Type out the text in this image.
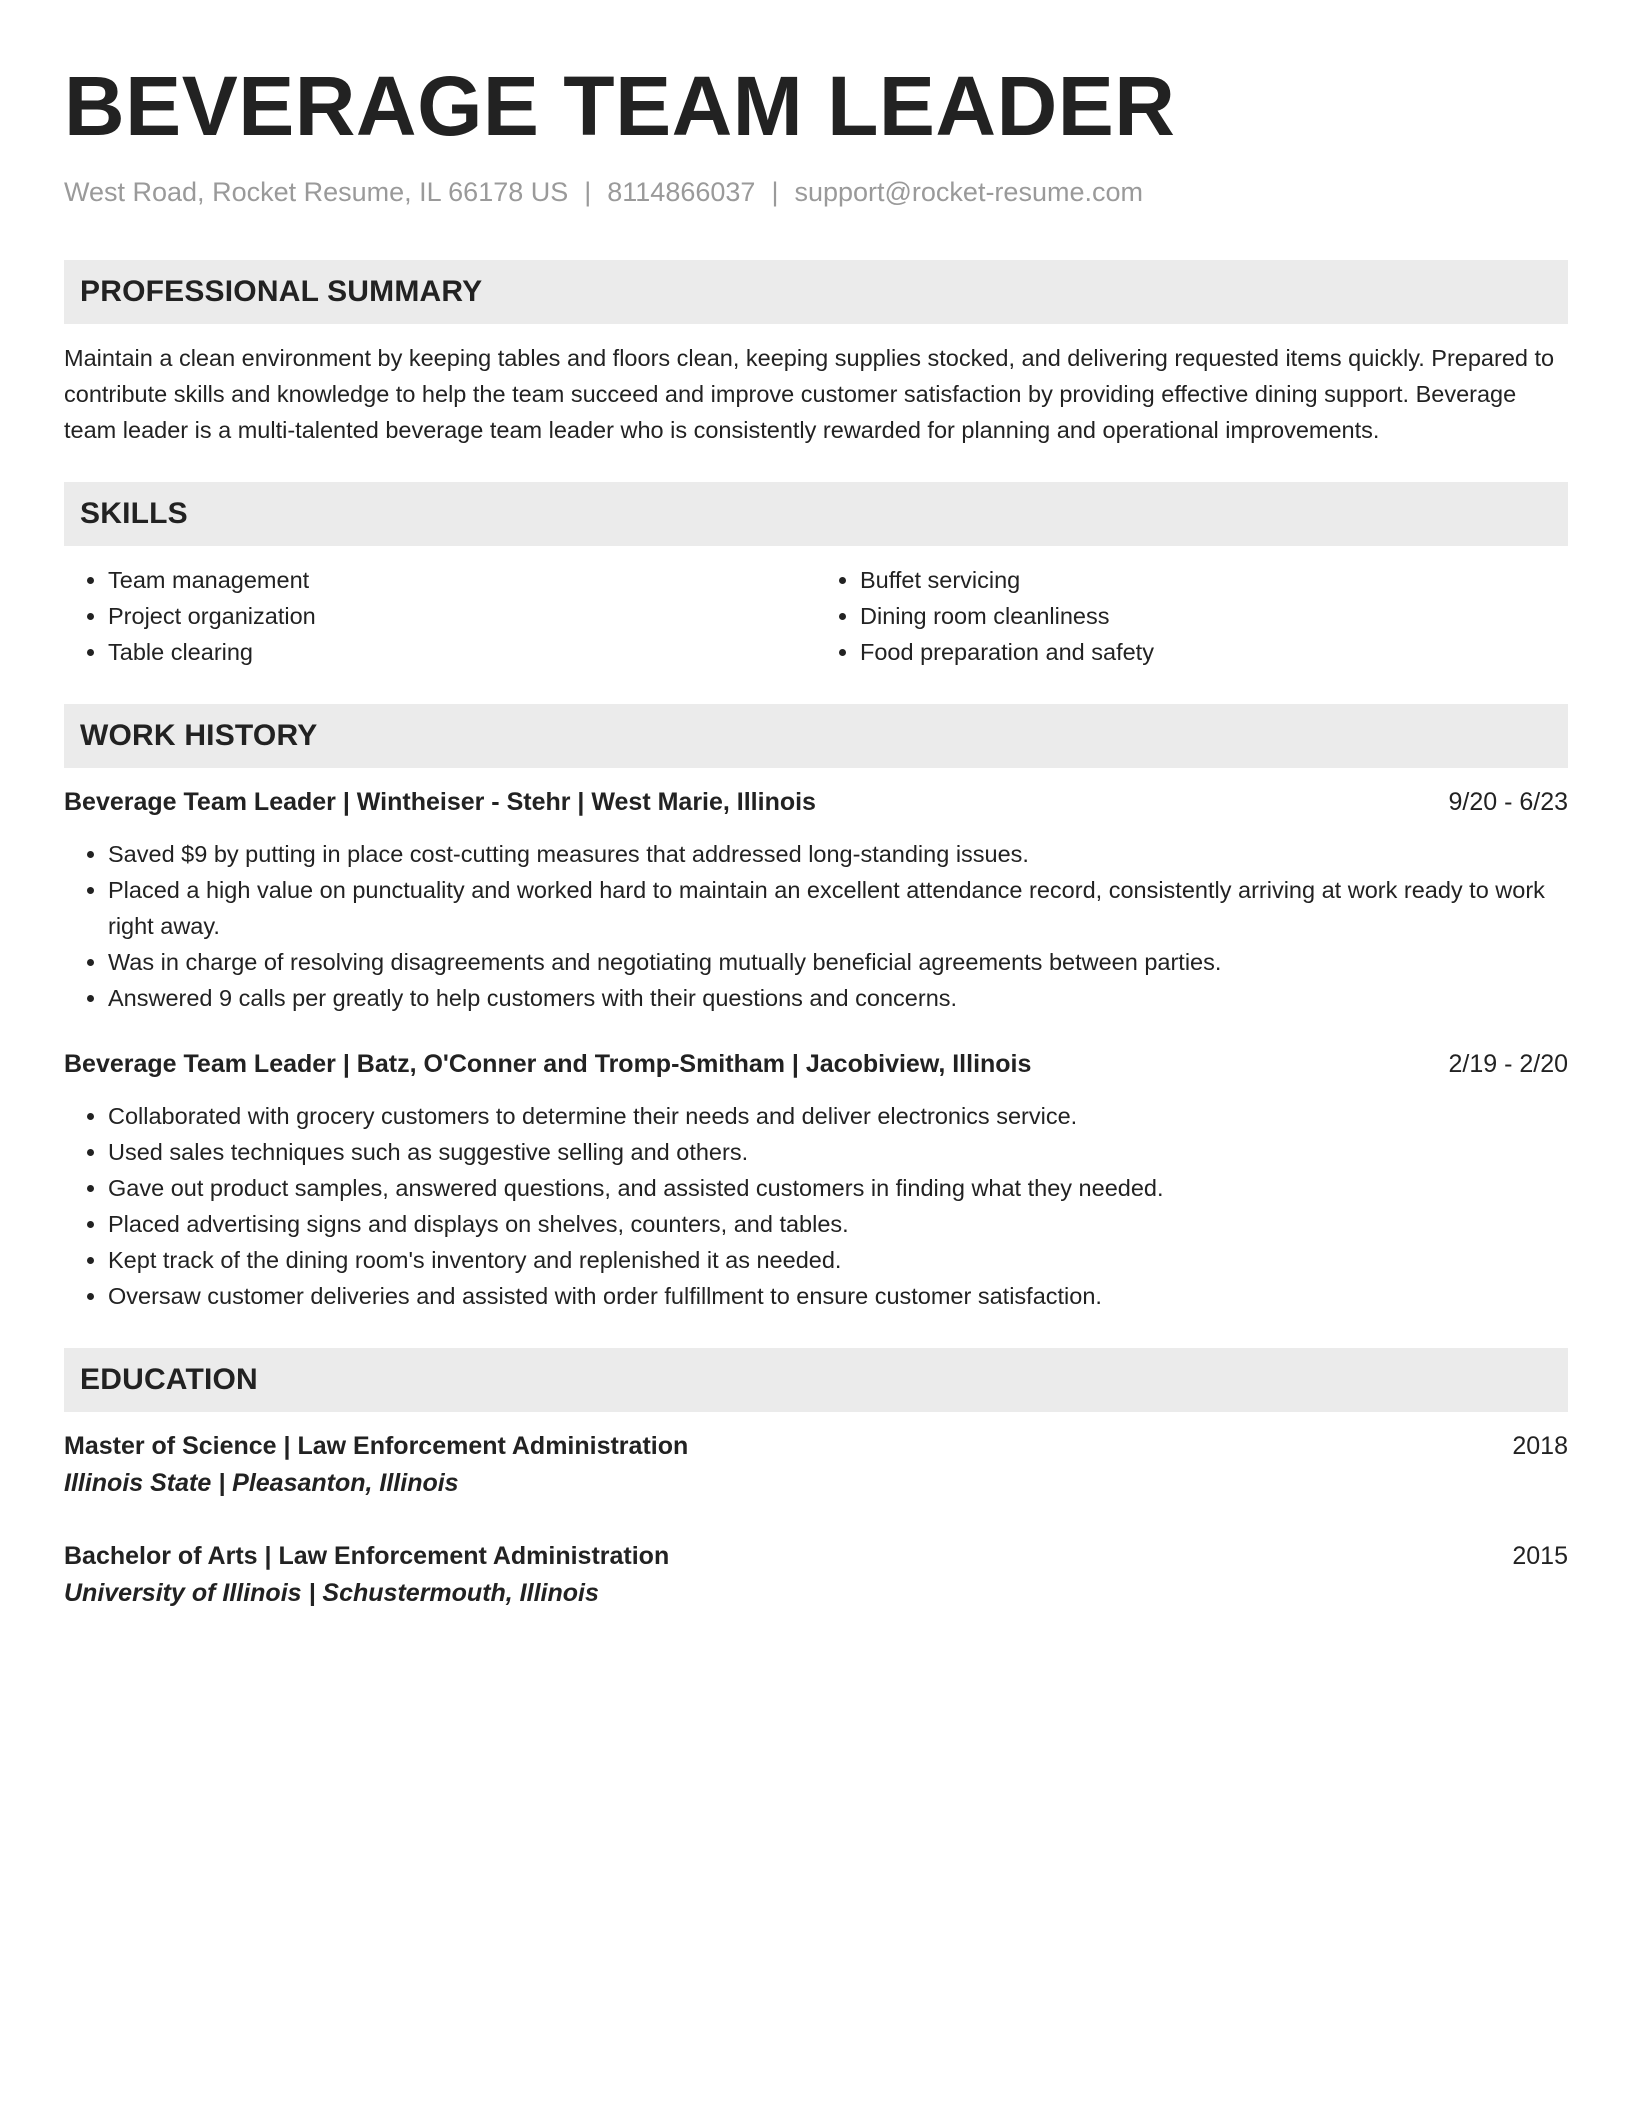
BEVERAGE TEAM LEADER
West Road, Rocket Resume, IL 66178 US | 8114866037 | support@rocket-resume.com
PROFESSIONAL SUMMARY
Maintain a clean environment by keeping tables and floors clean, keeping supplies stocked, and delivering requested items quickly. Prepared to contribute skills and knowledge to help the team succeed and improve customer satisfaction by providing effective dining support. Beverage team leader is a multi-talented beverage team leader who is consistently rewarded for planning and operational improvements.
SKILLS
• Team management
• Project organization
• Table clearing
• Buffet servicing
• Dining room cleanliness
• Food preparation and safety
WORK HISTORY
Beverage Team Leader | Wintheiser - Stehr | West Marie, Illinois	9/20 - 6/23
• Saved $9 by putting in place cost-cutting measures that addressed long-standing issues.
• Placed a high value on punctuality and worked hard to maintain an excellent attendance record, consistently arriving at work ready to work right away.
• Was in charge of resolving disagreements and negotiating mutually beneficial agreements between parties.
• Answered 9 calls per greatly to help customers with their questions and concerns.
Beverage Team Leader | Batz, O'Conner and Tromp-Smitham | Jacobiview, Illinois	2/19 - 2/20
• Collaborated with grocery customers to determine their needs and deliver electronics service.
• Used sales techniques such as suggestive selling and others.
• Gave out product samples, answered questions, and assisted customers in finding what they needed.
• Placed advertising signs and displays on shelves, counters, and tables.
• Kept track of the dining room's inventory and replenished it as needed.
• Oversaw customer deliveries and assisted with order fulfillment to ensure customer satisfaction.
EDUCATION
Master of Science | Law Enforcement Administration	2018
Illinois State | Pleasanton, Illinois
Bachelor of Arts | Law Enforcement Administration	2015
University of Illinois | Schustermouth, Illinois
